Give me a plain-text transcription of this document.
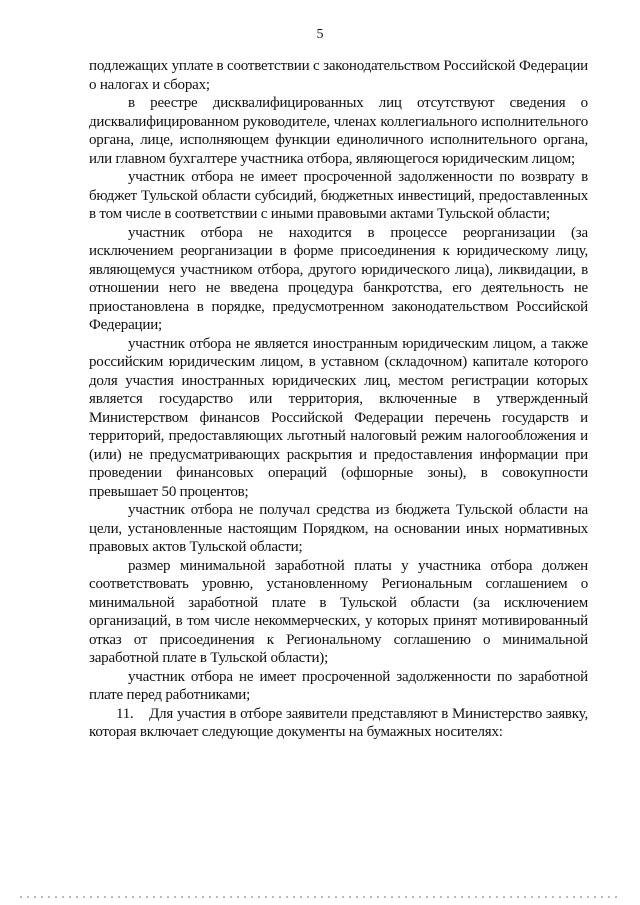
5

подлежащих уплате в соответствии с законодательством Российской Федерации о налогах и сборах;

в реестре дисквалифицированных лиц отсутствуют сведения о дисквалифицированном руководителе, членах коллегиального исполнительного органа, лице, исполняющем функции единоличного исполнительного органа, или главном бухгалтере участника отбора, являющегося юридическим лицом;

участник отбора не имеет просроченной задолженности по возврату в бюджет Тульской области субсидий, бюджетных инвестиций, предоставленных в том числе в соответствии с иными правовыми актами Тульской области;

участник отбора не находится в процессе реорганизации (за исключением реорганизации в форме присоединения к юридическому лицу, являющемуся участником отбора, другого юридического лица), ликвидации, в отношении него не введена процедура банкротства, его деятельность не приостановлена в порядке, предусмотренном законодательством Российской Федерации;

участник отбора не является иностранным юридическим лицом, а также российским юридическим лицом, в уставном (складочном) капитале которого доля участия иностранных юридических лиц, местом регистрации которых является государство или территория, включенные в утвержденный Министерством финансов Российской Федерации перечень государств и территорий, предоставляющих льготный налоговый режим налогообложения и (или) не предусматривающих раскрытия и предоставления информации при проведении финансовых операций (офшорные зоны), в совокупности превышает 50 процентов;

участник отбора не получал средства из бюджета Тульской области на цели, установленные настоящим Порядком, на основании иных нормативных правовых актов Тульской области;

размер минимальной заработной платы у участника отбора должен соответствовать уровню, установленному Региональным соглашением о минимальной заработной плате в Тульской области (за исключением организаций, в том числе некоммерческих, у которых принят мотивированный отказ от присоединения к Региональному соглашению о минимальной заработной плате в Тульской области);

участник отбора не имеет просроченной задолженности по заработной плате перед работниками;

11.    Для участия в отборе заявители представляют в Министерство заявку, которая включает следующие документы на бумажных носителях:
